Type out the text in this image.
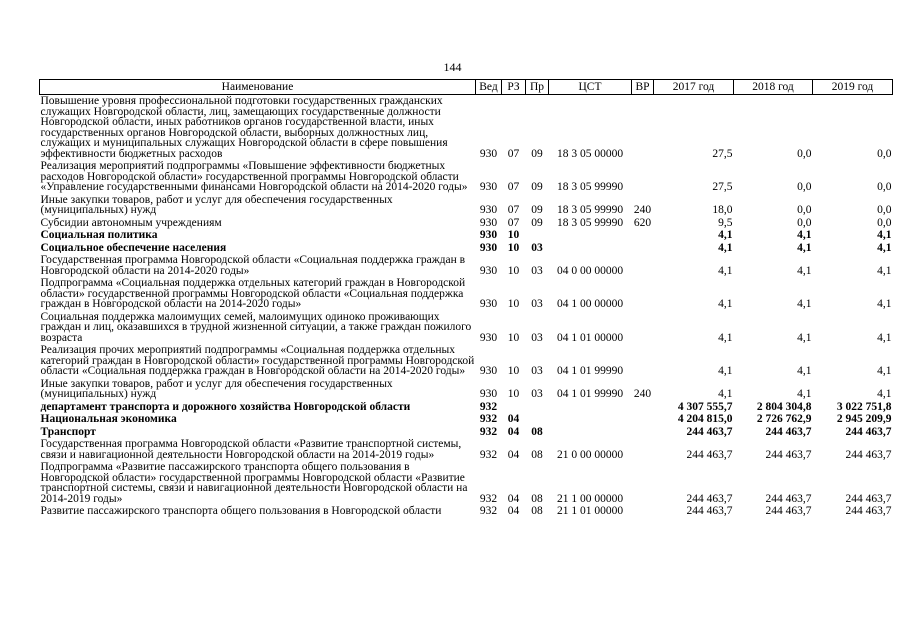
144
Наименование	Вед	РЗ	Пр	ЦСТ	ВР	2017 год	2018 год	2019 год
Повышение уровня профессиональной подготовки государственных гражданских служащих Новгородской области, лиц, замещающих государственные должности Новгородской области, иных работников органов государственной власти, иных государственных органов Новгородской области, выборных должностных лиц, служащих и муниципальных служащих Новгородской области в сфере повышения эффективности бюджетных расходов	930	07	09	18 3 05 00000		27,5	0,0	0,0
Реализация мероприятий подпрограммы «Повышение эффективности бюджетных расходов Новгородской области» государственной программы Новгородской области «Управление государственными финансами Новгородской области на 2014-2020 годы»	930	07	09	18 3 05 99990		27,5	0,0	0,0
Иные закупки товаров, работ и услуг для обеспечения государственных (муниципальных) нужд	930	07	09	18 3 05 99990	240	18,0	0,0	0,0
Субсидии автономным учреждениям	930	07	09	18 3 05 99990	620	9,5	0,0	0,0
Социальная политика	930	10				4,1	4,1	4,1
Социальное обеспечение населения	930	10	03			4,1	4,1	4,1
Государственная программа Новгородской области «Социальная поддержка граждан в Новгородской области на 2014-2020 годы»	930	10	03	04 0 00 00000		4,1	4,1	4,1
Подпрограмма «Социальная поддержка отдельных категорий граждан в Новгородской области» государственной программы Новгородской области «Социальная поддержка граждан в Новгородской области на 2014-2020 годы»	930	10	03	04 1 00 00000		4,1	4,1	4,1
Социальная поддержка малоимущих семей, малоимущих одиноко проживающих граждан и лиц, оказавшихся в трудной жизненной ситуации, а также граждан пожилого возраста	930	10	03	04 1 01 00000		4,1	4,1	4,1
Реализация прочих мероприятий подпрограммы «Социальная поддержка отдельных категорий граждан в Новгородской области» государственной программы Новгородской области «Социальная поддержка граждан в Новгородской области на 2014-2020 годы»	930	10	03	04 1 01 99990		4,1	4,1	4,1
Иные закупки товаров, работ и услуг для обеспечения государственных (муниципальных) нужд	930	10	03	04 1 01 99990	240	4,1	4,1	4,1
департамент транспорта и дорожного хозяйства Новгородской области	932					4 307 555,7	2 804 304,8	3 022 751,8
Национальная экономика	932	04				4 204 815,0	2 726 762,9	2 945 209,9
Транспорт	932	04	08			244 463,7	244 463,7	244 463,7
Государственная программа Новгородской области «Развитие транспортной системы, связи и навигационной деятельности Новгородской области на 2014-2019 годы»	932	04	08	21 0 00 00000		244 463,7	244 463,7	244 463,7
Подпрограмма «Развитие пассажирского транспорта общего пользования в Новгородской области» государственной программы Новгородской области «Развитие транспортной системы, связи и навигационной деятельности Новгородской области на 2014-2019 годы»	932	04	08	21 1 00 00000		244 463,7	244 463,7	244 463,7
Развитие пассажирского транспорта общего пользования в Новгородской области	932	04	08	21 1 01 00000		244 463,7	244 463,7	244 463,7
